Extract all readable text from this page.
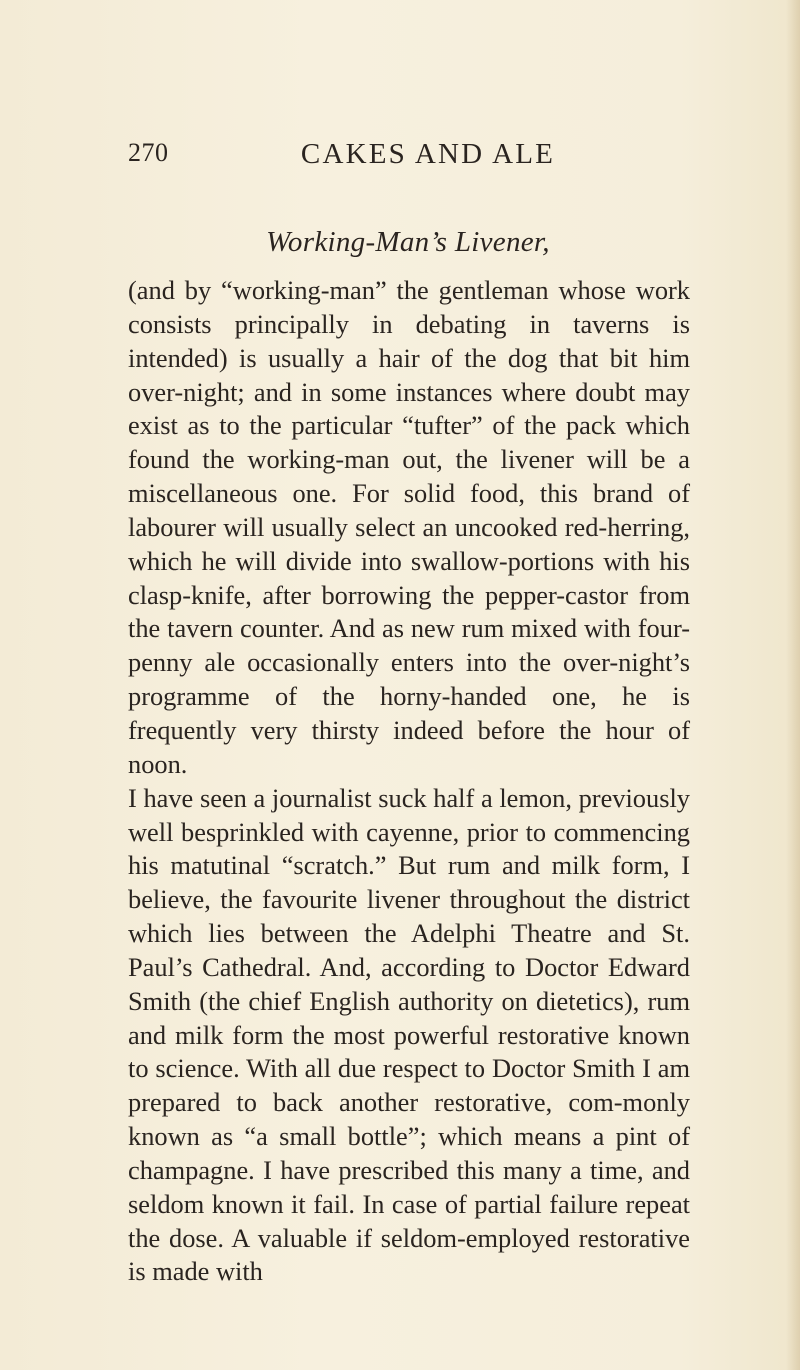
270	CAKES AND ALE
Working-Man’s Livener,

(and by “working-man” the gentleman whose work consists principally in debating in taverns is intended) is usually a hair of the dog that bit him over-night; and in some instances where doubt may exist as to the particular “tufter” of the pack which found the working-man out, the livener will be a miscellaneous one. For solid food, this brand of labourer will usually select an uncooked red-herring, which he will divide into swallow-portions with his clasp-knife, after borrowing the pepper-castor from the tavern counter. And as new rum mixed with four-penny ale occasionally enters into the over-night’s programme of the horny-handed one, he is frequently very thirsty indeed before the hour of noon.

I have seen a journalist suck half a lemon, previously well besprinkled with cayenne, prior to commencing his matutinal “scratch.” But rum and milk form, I believe, the favourite livener throughout the district which lies between the Adelphi Theatre and St. Paul’s Cathedral. And, according to Doctor Edward Smith (the chief English authority on dietetics), rum and milk form the most powerful restorative known to science. With all due respect to Doctor Smith I am prepared to back another restorative, com-monly known as “a small bottle”; which means a pint of champagne. I have prescribed this many a time, and seldom known it fail. In case of partial failure repeat the dose. A valuable if seldom-employed restorative is made with
